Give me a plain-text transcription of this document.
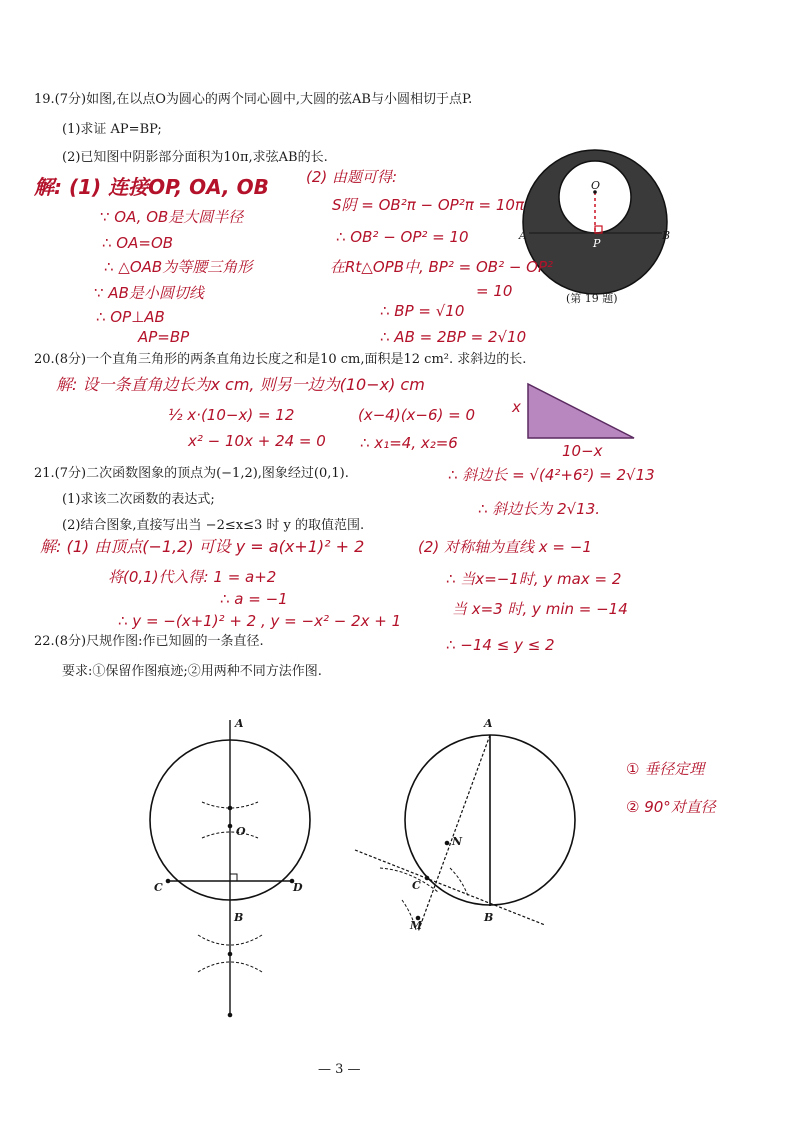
19.(7分)如图,在以点O为圆心的两个同心圆中,大圆的弦AB与小圆相切于点P.
(1)求证 AP=BP;
(2)已知图中阴影部分面积为10π,求弦AB的长.
O
A	B
P
(第 19 题)
解: (1) 连接OP, OA, OB
∵ OA, OB是大圆半径
∴ OA=OB
∴ △OAB为等腰三角形
∵ AB是小圆切线
∴ OP⊥AB
AP=BP
(2) 由题可得:
S阴 = OB²π − OP²π = 10π
∴ OB² − OP² = 10
在Rt△OPB中, BP² = OB² − OP²
= 10
∴ BP = √10
∴ AB = 2BP = 2√10
20.(8分)一个直角三角形的两条直角边长度之和是10 cm,面积是12 cm². 求斜边的长.
解: 设一条直角边长为x cm, 则另一边为(10−x) cm
½ x·(10−x) = 12
x² − 10x + 24 = 0
(x−4)(x−6) = 0
∴ x₁=4, x₂=6
∴ 斜边长 = √(4²+6²) = 2√13
∴ 斜边长为 2√13.
x
10−x
21.(7分)二次函数图象的顶点为(−1,2),图象经过(0,1).
(1)求该二次函数的表达式;
(2)结合图象,直接写出当 −2≤x≤3 时 y 的取值范围.
解: (1) 由顶点(−1,2) 可设 y = a(x+1)² + 2
将(0,1)代入得: 1 = a+2
∴ a = −1
∴ y = −(x+1)² + 2 , y = −x² − 2x + 1
(2) 对称轴为直线 x = −1
∴ 当x=−1时, y max = 2
当 x=3 时, y min = −14
∴ −14 ≤ y ≤ 2
22.(8分)尺规作图:作已知圆的一条直径.
要求:①保留作图痕迹;②用两种不同方法作图.
A
O
C	D
B
A
N
C
B
M
① 垂径定理
② 90°对直径
— 3 —
